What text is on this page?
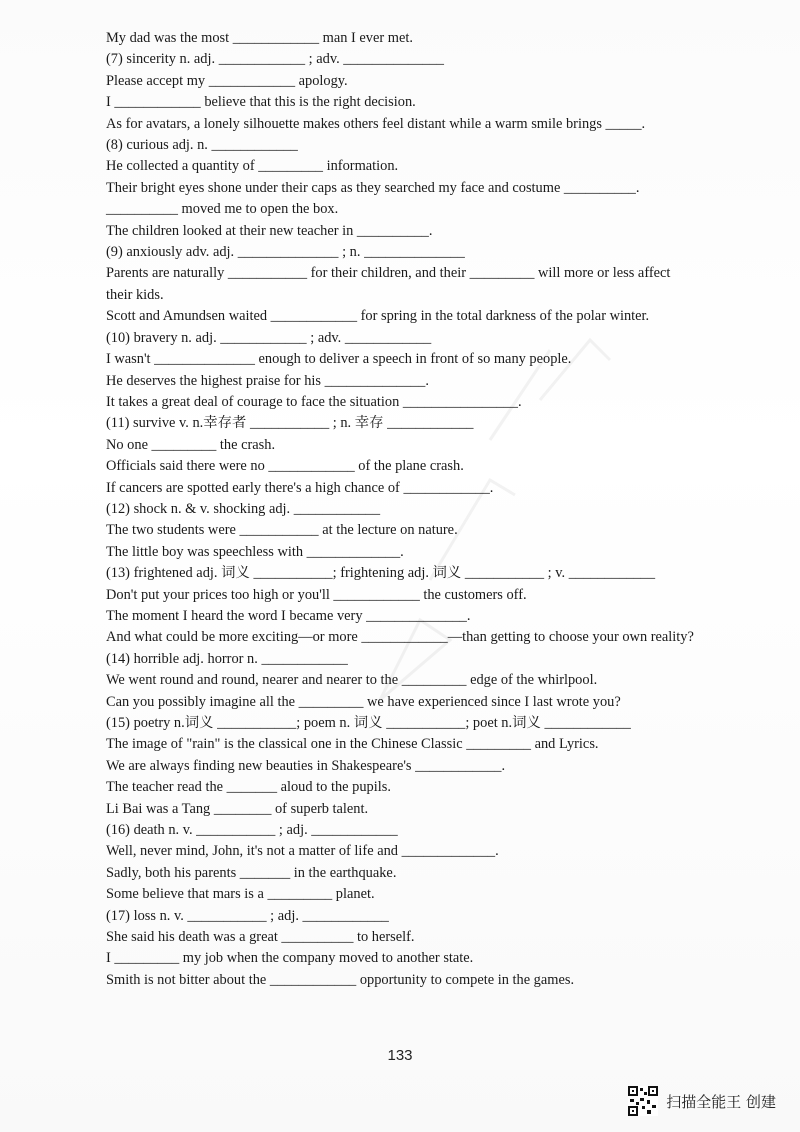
My dad was the most ____________ man I ever met.
(7) sincerity n. adj. ____________ ; adv. ______________
Please accept my ____________ apology.
I ____________ believe that this is the right decision.
As for avatars, a lonely silhouette makes others feel distant while a warm smile brings _____.
(8) curious adj. n. ____________
He collected a quantity of _________ information.
Their bright eyes shone under their caps as they searched my face and costume __________.
__________ moved me to open the box.
The children looked at their new teacher in __________.
(9) anxiously adv. adj. ______________ ; n. ______________
Parents are naturally ___________ for their children, and their _________ will more or less affect
their kids.
Scott and Amundsen waited ____________ for spring in the total darkness of the polar winter.
(10) bravery n. adj. ____________ ; adv. ____________
I wasn't ______________ enough to deliver a speech in front of so many people.
He deserves the highest praise for his ______________.
It takes a great deal of courage to face the situation ________________.
(11) survive v. n.幸存者 ___________ ; n. 幸存 ____________
No one _________ the crash.
Officials said there were no ____________ of the plane crash.
If cancers are spotted early there's a high chance of ____________.
(12) shock n. & v. shocking adj. ____________
The two students were ___________ at the lecture on nature.
The little boy was speechless with _____________.
(13) frightened adj. 词义 ___________; frightening adj. 词义 ___________ ; v. ____________
Don't put your prices too high or you'll ____________ the customers off.
The moment I heard the word I became very ______________.
And what could be more exciting—or more ____________—than getting to choose your own reality?
(14) horrible adj. horror n. ____________
We went round and round, nearer and nearer to the _________ edge of the whirlpool.
Can you possibly imagine all the _________ we have experienced since I last wrote you?
(15) poetry n.词义 ___________; poem n. 词义 ___________; poet n.词义 ____________
The image of "rain" is the classical one in the Chinese Classic _________ and Lyrics.
We are always finding new beauties in Shakespeare's ____________.
The teacher read the _______ aloud to the pupils.
Li Bai was a Tang ________ of superb talent.
(16) death n. v. ___________ ; adj. ____________
Well, never mind, John, it's not a matter of life and _____________.
Sadly, both his parents _______ in the earthquake.
Some believe that mars is a _________ planet.
(17) loss n. v. ___________ ; adj. ____________
She said his death was a great __________ to herself.
I _________ my job when the company moved to another state.
Smith is not bitter about the ____________ opportunity to compete in the games.
133
扫描全能王 创建
